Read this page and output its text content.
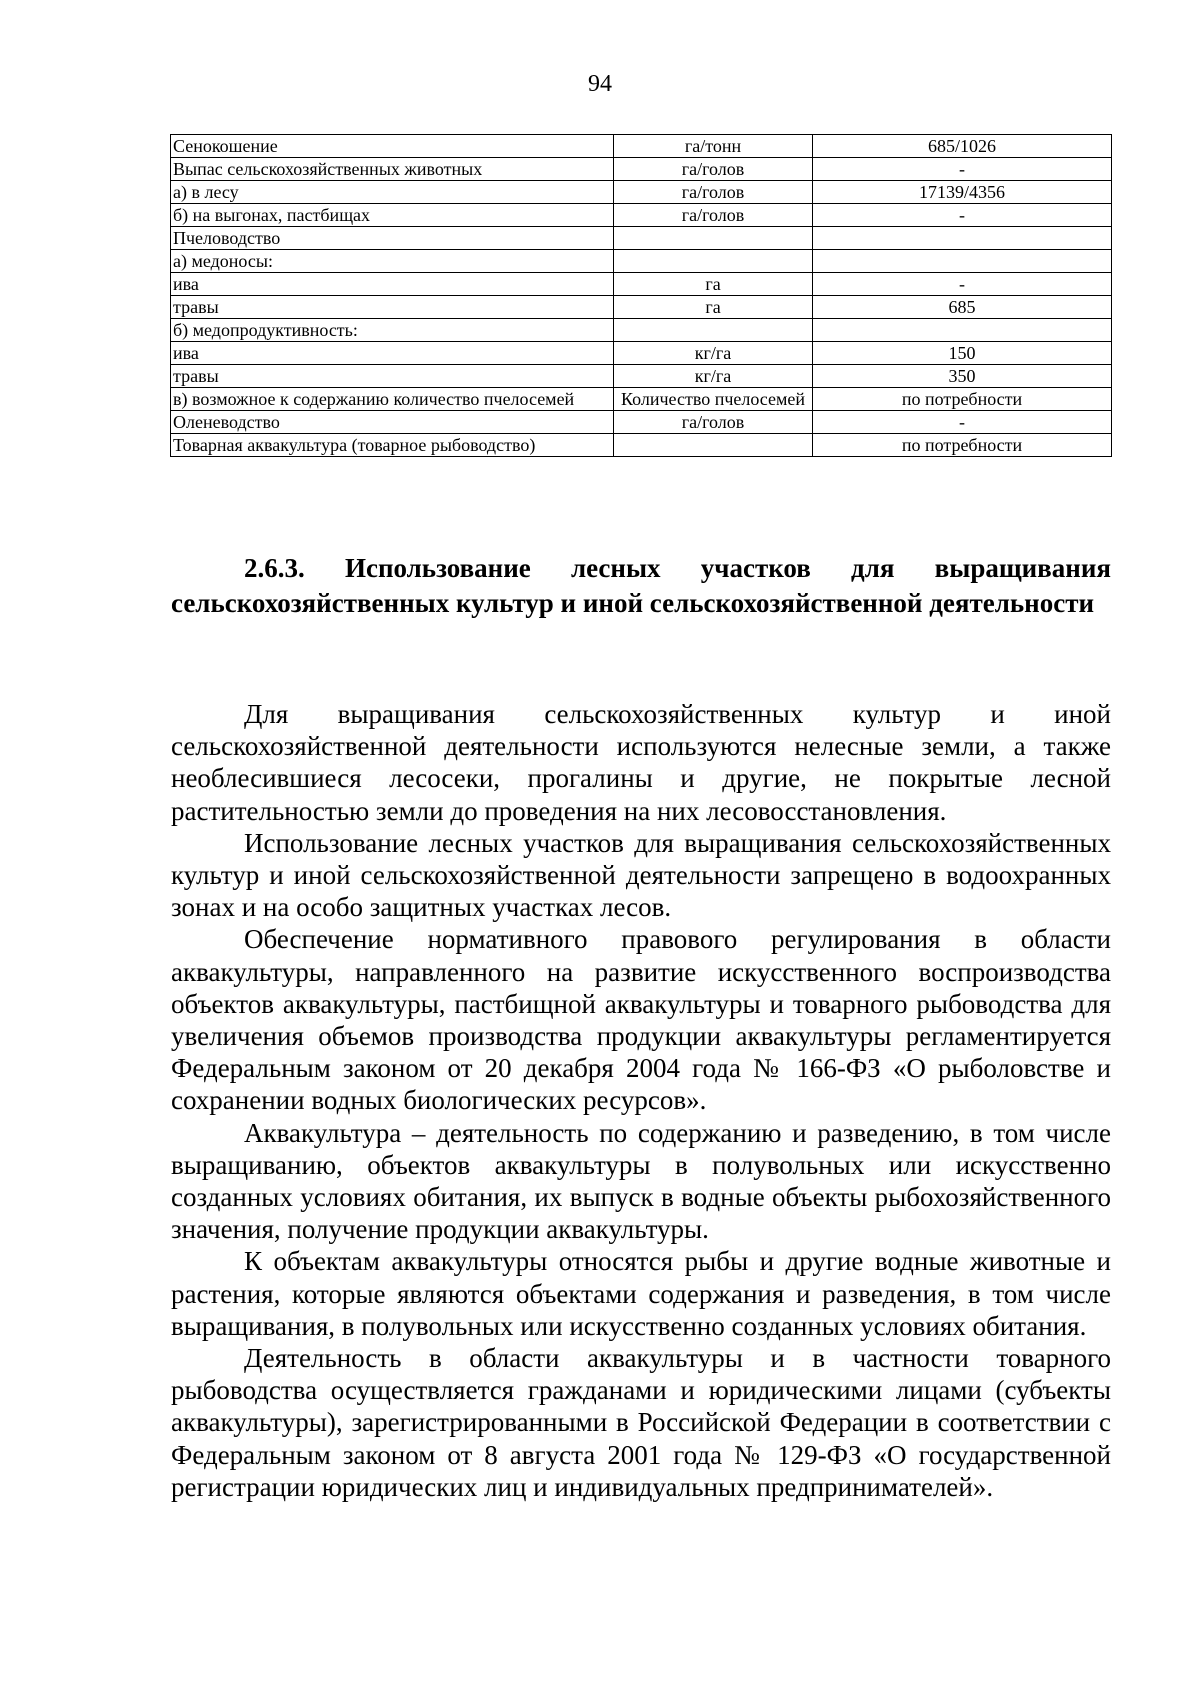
94
Сенокошение	га/тонн	685/1026
Выпас сельскохозяйственных животных	га/голов	-
а) в лесу	га/голов	17139/4356
б) на выгонах, пастбищах	га/голов	-
Пчеловодство		
а) медоносы:		
ива	га	-
травы	га	685
б) медопродуктивность:		
ива	кг/га	150
травы	кг/га	350
в) возможное к содержанию количество пчелосемей	Количество пчелосемей	по потребности
Оленеводство	га/голов	-
Товарная аквакультура (товарное рыбоводство)		по потребности
2.6.3. Использование лесных участков для выращивания сельскохозяйственных культур и иной сельскохозяйственной деятельности

Для выращивания сельскохозяйственных культур и иной сельскохозяйственной деятельности используются нелесные земли, а также необлесившиеся лесосеки, прогалины и другие, не покрытые лесной растительностью земли до проведения на них лесовосстановления.

Использование лесных участков для выращивания сельскохозяйственных культур и иной сельскохозяйственной деятельности запрещено в водоохранных зонах и на особо защитных участках лесов.

Обеспечение нормативного правового регулирования в области аквакультуры, направленного на развитие искусственного воспроизводства объектов аквакультуры, пастбищной аквакультуры и товарного рыбоводства для увеличения объемов производства продукции аквакультуры регламентируется Федеральным законом от 20 декабря 2004 года № 166-ФЗ «О рыболовстве и сохранении водных биологических ресурсов».

Аквакультура – деятельность по содержанию и разведению, в том числе выращиванию, объектов аквакультуры в полувольных или искусственно созданных условиях обитания, их выпуск в водные объекты рыбохозяйственного значения, получение продукции аквакультуры.

К объектам аквакультуры относятся рыбы и другие водные животные и растения, которые являются объектами содержания и разведения, в том числе выращивания, в полувольных или искусственно созданных условиях обитания.

Деятельность в области аквакультуры и в частности товарного рыбоводства осуществляется гражданами и юридическими лицами (субъекты аквакультуры), зарегистрированными в Российской Федерации в соответствии с Федеральным законом от 8 августа 2001 года № 129-ФЗ «О государственной регистрации юридических лиц и индивидуальных предпринимателей».
